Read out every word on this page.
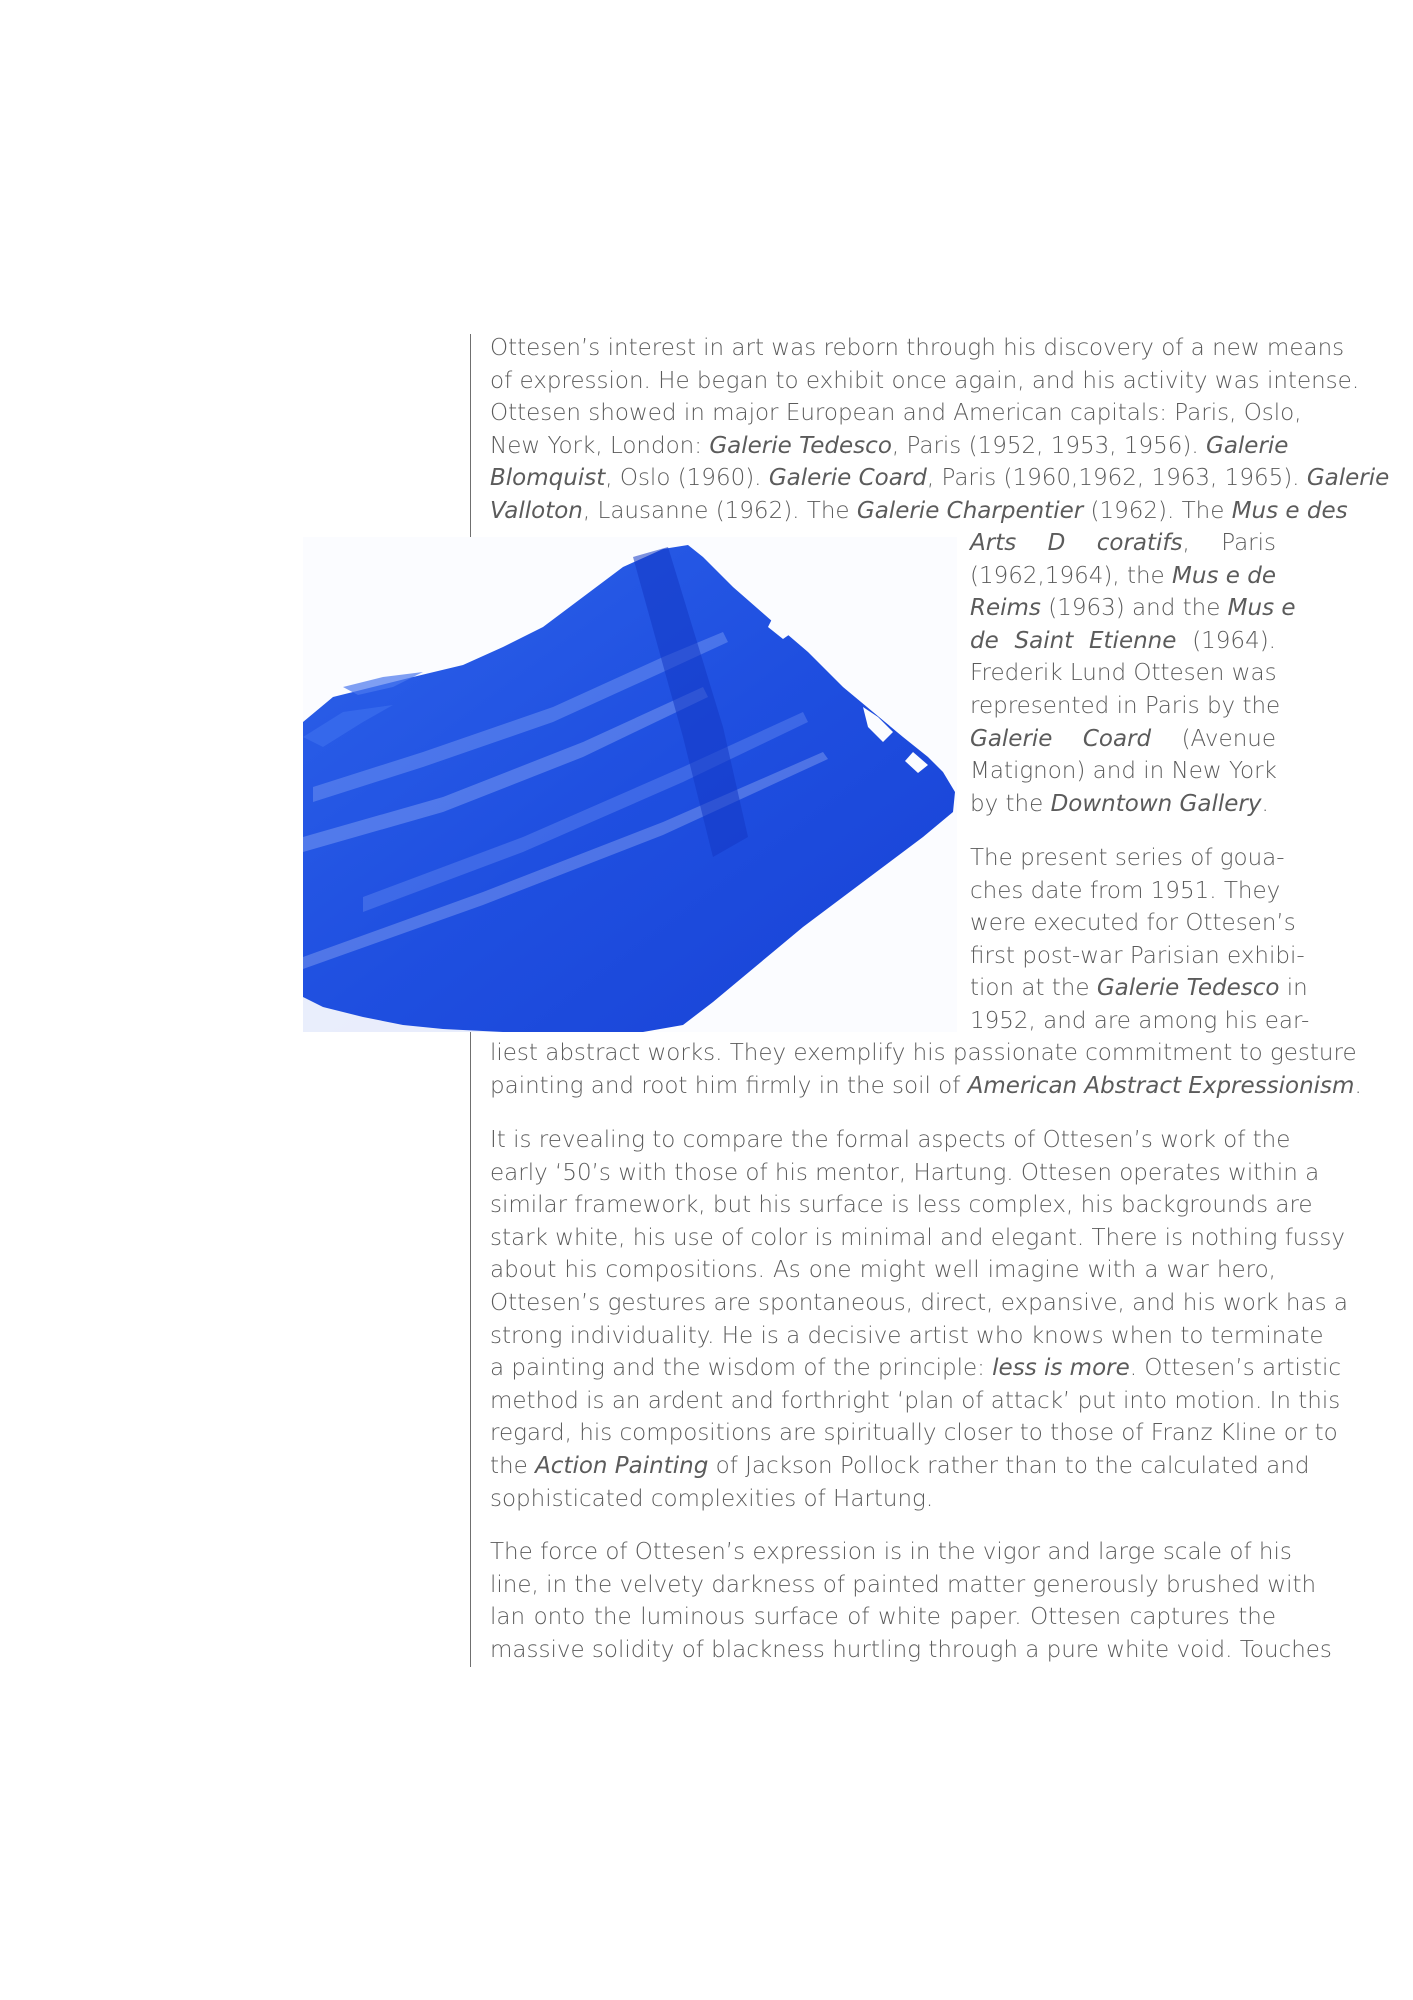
Ottesen’s interest in art was reborn through his discovery of a new means
of expression. He began to exhibit once again, and his activity was intense.
Ottesen showed in major European and American capitals: Paris, Oslo,
New York, London: Galerie Tedesco, Paris (1952, 1953, 1956). Galerie
Blomquist, Oslo (1960). Galerie Coard, Paris (1960,1962, 1963, 1965). Galerie
Valloton, Lausanne (1962). The Galerie Charpentier (1962). The Mus e des
Arts D coratifs, Paris
(1962,1964), the Mus e de
Reims (1963) and the Mus e
de Saint Etienne (1964).
Frederik Lund Ottesen was
represented in Paris by the
Galerie Coard (Avenue
Matignon) and in New York
by the Downtown Gallery.
The present series of goua-
ches date from 1951. They
were executed for Ottesen’s
first post-war Parisian exhibi-
tion at the Galerie Tedesco in
1952, and are among his ear-
liest abstract works. They exemplify his passionate commitment to gesture
painting and root him firmly in the soil of American Abstract Expressionism.
It is revealing to compare the formal aspects of Ottesen’s work of the
early ‘50’s with those of his mentor, Hartung. Ottesen operates within a
similar framework, but his surface is less complex, his backgrounds are
stark white, his use of color is minimal and elegant. There is nothing fussy
about his compositions. As one might well imagine with a war hero,
Ottesen’s gestures are spontaneous, direct, expansive, and his work has a
strong individuality. He is a decisive artist who knows when to terminate
a painting and the wisdom of the principle: less is more. Ottesen’s artistic
method is an ardent and forthright ‘plan of attack’ put into motion. In this
regard, his compositions are spiritually closer to those of Franz Kline or to
the Action Painting of Jackson Pollock rather than to the calculated and
sophisticated complexities of Hartung.
The force of Ottesen’s expression is in the vigor and large scale of his
line, in the velvety darkness of painted matter generously brushed with
lan onto the luminous surface of white paper. Ottesen captures the
massive solidity of blackness hurtling through a pure white void. Touches
